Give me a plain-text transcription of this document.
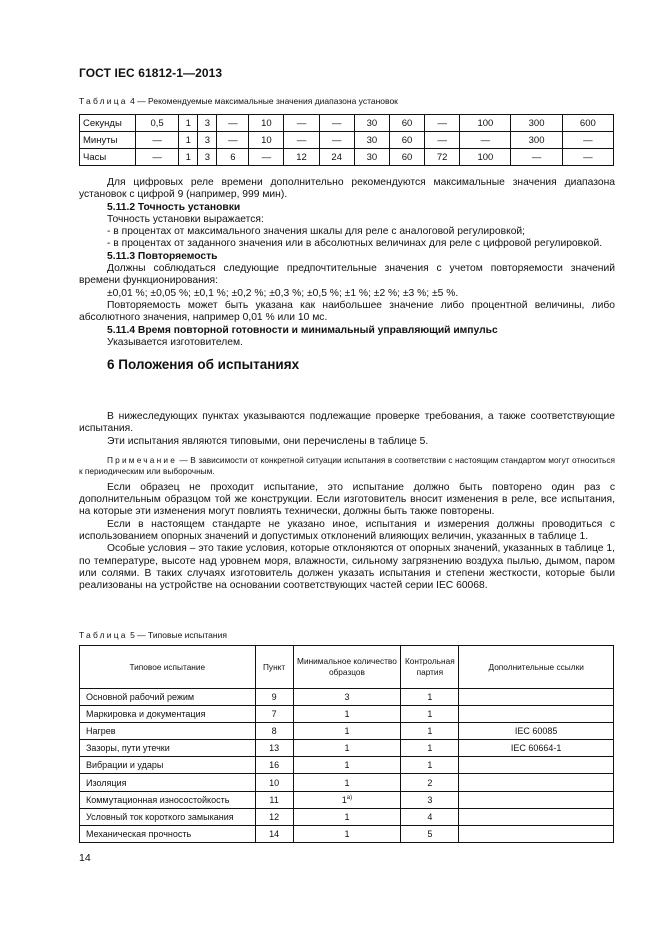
ГОСТ IEC 61812-1—2013
Таблица 4 — Рекомендуемые максимальные значения диапазона установок
Секунды	0,5	1	3	—	10	—	—	30	60	—	100	300	600
Минуты	—	1	3	—	10	—	—	30	60	—	—	300	—
Часы	—	1	3	6	—	12	24	30	60	72	100	—	—

Для цифровых реле времени дополнительно рекомендуются максимальные значения диапазона установок с цифрой 9 (например, 999 мин).

5.11.2 Точность установки

Точность установки выражается:

- в процентах от максимального значения шкалы для реле с аналоговой регулировкой;

- в процентах от заданного значения или в абсолютных величинах для реле с цифровой регулировкой.

5.11.3 Повторяемость

Должны соблюдаться следующие предпочтительные значения с учетом повторяемости значений времени функционирования:

±0,01 %; ±0,05 %; ±0,1 %; ±0,2 %; ±0,3 %; ±0,5 %; ±1 %; ±2 %; ±3 %; ±5 %.

Повторяемость может быть указана как наибольшее значение либо процентной величины, либо абсолютного значения, например 0,01 % или 10 мс.

5.11.4 Время повторной готовности и минимальный управляющий импульс

Указывается изготовителем.

6 Положения об испытаниях

В нижеследующих пунктах указываются подлежащие проверке требования, а также соответствующие испытания.

Эти испытания являются типовыми, они перечислены в таблице 5.

Примечание — В зависимости от конкретной ситуации испытания в соответствии с настоящим стандартом могут относиться к периодическим или выборочным.

Если образец не проходит испытание, это испытание должно быть повторено один раз с дополнительным образцом той же конструкции. Если изготовитель вносит изменения в реле, все испытания, на которые эти изменения могут повлиять технически, должны быть также повторены.

Если в настоящем стандарте не указано иное, испытания и измерения должны проводиться с использованием опорных значений и допустимых отклонений влияющих величин, указанных в таблице 1.

Особые условия – это такие условия, которые отклоняются от опорных значений, указанных в таблице 1, по температуре, высоте над уровнем моря, влажности, сильному загрязнению воздуха пылью, дымом, паром или солями. В таких случаях изготовитель должен указать испытания и степени жесткости, которые были реализованы на устройстве на основании соответствующих частей серии IEC 60068.

Таблица 5 — Типовые испытания
Типовое испытание	Пункт	Минимальное количество образцов	Контрольная партия	Дополнительные ссылки
Основной рабочий режим	9	3	1	
Маркировка и документация	7	1	1	
Нагрев	8	1	1	IEC 60085
Зазоры, пути утечки	13	1	1	IEC 60664-1
Вибрации и удары	16	1	1	
Изоляция	10	1	2	
Коммутационная износостойкость	11	$1^{а)}$	3	
Условный ток короткого замыкания	12	1	4	
Механическая прочность	14	1	5	
14
